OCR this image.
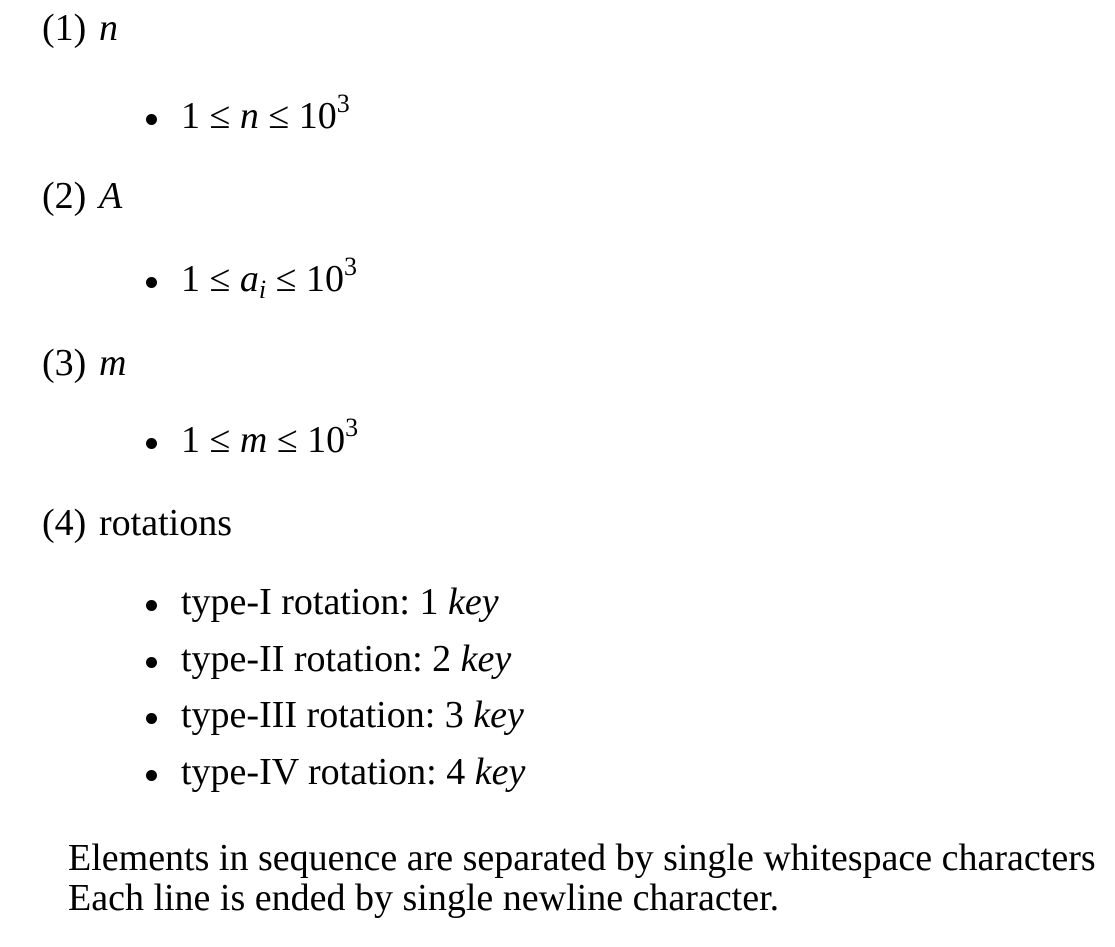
(1) n
$1 \le n \le 10^3$
(2) A
1 ≤ ai ≤ $10^3$
(3) m
$1 \le m \le 10^3$
(4) rotations
type-I rotation: 1 key
type-II rotation: 2 key
type-III rotation: 3 key
type-IV rotation: 4 key
Elements in sequence are separated by single whitespace characters
Each line is ended by single newline character.
